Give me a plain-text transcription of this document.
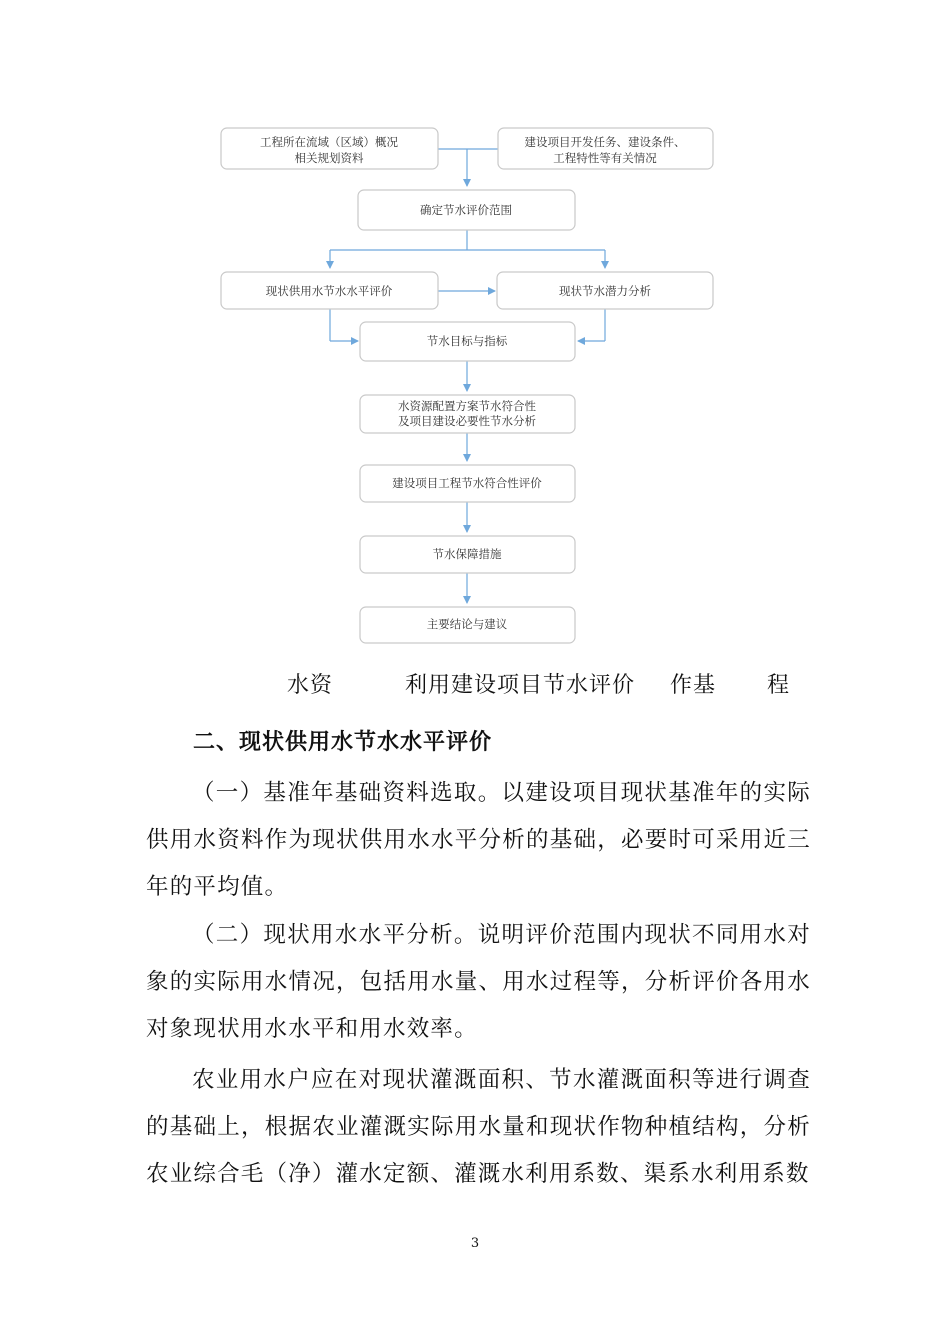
工程所在流域（区域）概况
相关规划资料
建设项目开发任务、建设条件、
工程特性等有关情况
确定节水评价范围
现状供用水节水水平评价	现状节水潜力分析
节水目标与指标
水资源配置方案节水符合性
及项目建设必要性节水分析
建设项目工程节水符合性评价
节水保障措施
主要结论与建议
水资	利用建设项目节水评价 作基 程
二、现状供用水节水水平评价

（一）基准年基础资料选取。以建设项目现状基准年的实际供用水资料作为现状供用水水平分析的基础，必要时可采用近三年的平均值。

（二）现状用水水平分析。说明评价范围内现状不同用水对象的实际用水情况，包括用水量、用水过程等，分析评价各用水对象现状用水水平和用水效率。

农业用水户应在对现状灌溉面积、节水灌溉面积等进行调查的基础上，根据农业灌溉实际用水量和现状作物种植结构，分析农业综合毛（净）灌水定额、灌溉水利用系数、渠系水利用系数

3
